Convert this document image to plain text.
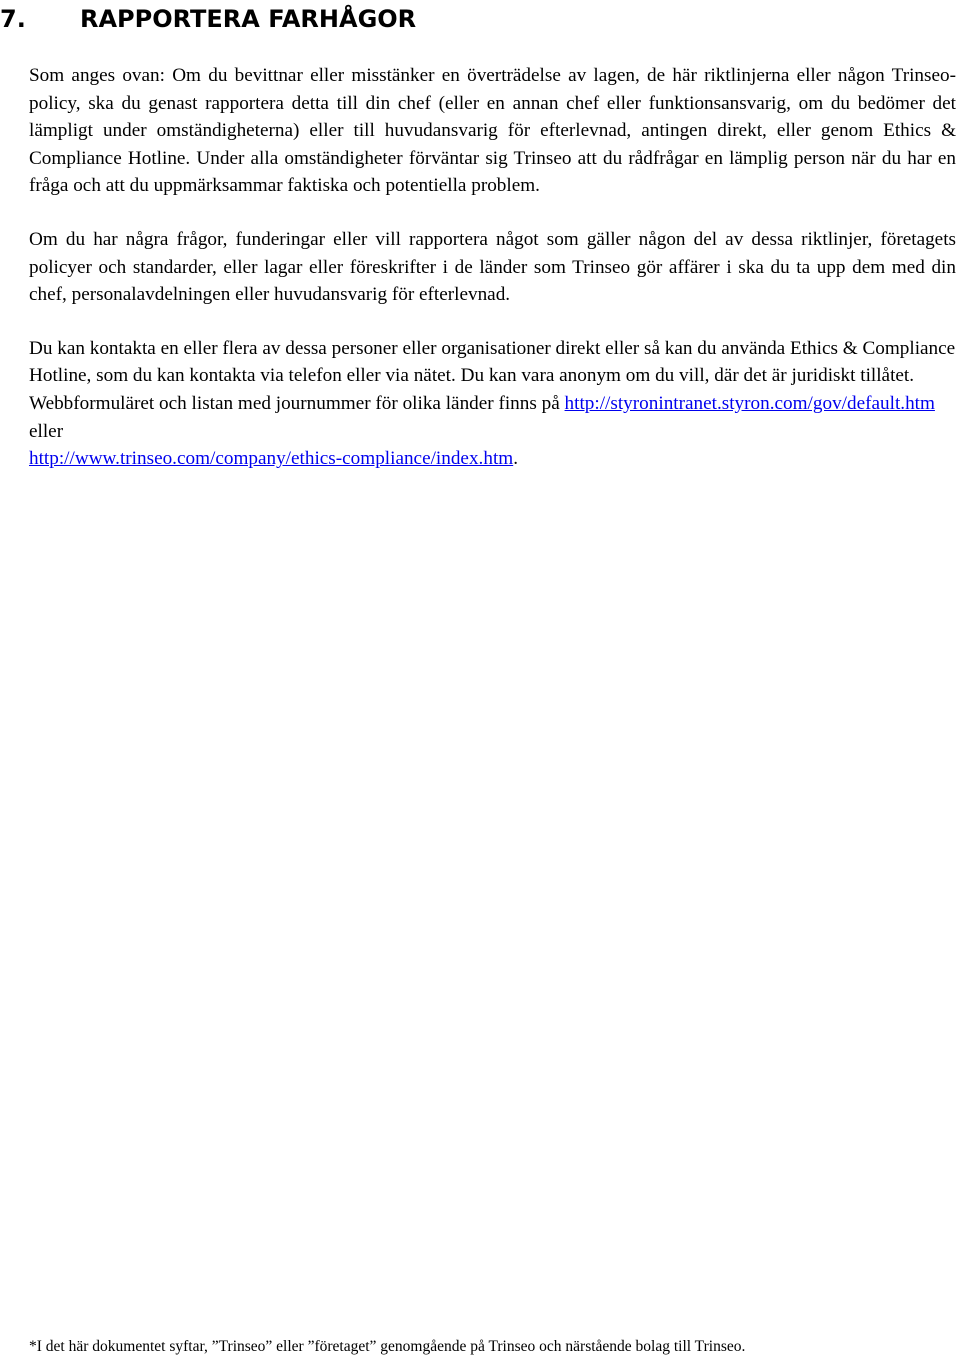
7. RAPPORTERA FARHÅGOR

Som anges ovan: Om du bevittnar eller misstänker en överträdelse av lagen, de här riktlinjerna eller någon Trinseo-policy, ska du genast rapportera detta till din chef (eller en annan chef eller funktionsansvarig, om du bedömer det lämpligt under omständigheterna) eller till huvudansvarig för efterlevnad, antingen direkt, eller genom Ethics & Compliance Hotline. Under alla omständigheter förväntar sig Trinseo att du rådfrågar en lämplig person när du har en fråga och att du uppmärksammar faktiska och potentiella problem.

Om du har några frågor, funderingar eller vill rapportera något som gäller någon del av dessa riktlinjer, företagets policyer och standarder, eller lagar eller föreskrifter i de länder som Trinseo gör affärer i ska du ta upp dem med din chef, personalavdelningen eller huvudansvarig för efterlevnad.

Du kan kontakta en eller flera av dessa personer eller organisationer direkt eller så kan du använda Ethics & Compliance Hotline, som du kan kontakta via telefon eller via nätet. Du kan vara anonym om du vill, där det är juridiskt tillåtet. Webbformuläret och listan med journummer för olika länder finns på http://styronintranet.styron.com/gov/default.htm eller
http://www.trinseo.com/company/ethics-compliance/index.htm.

*I det här dokumentet syftar, ”Trinseo” eller ”företaget” genomgående på Trinseo och närstående bolag till Trinseo.
